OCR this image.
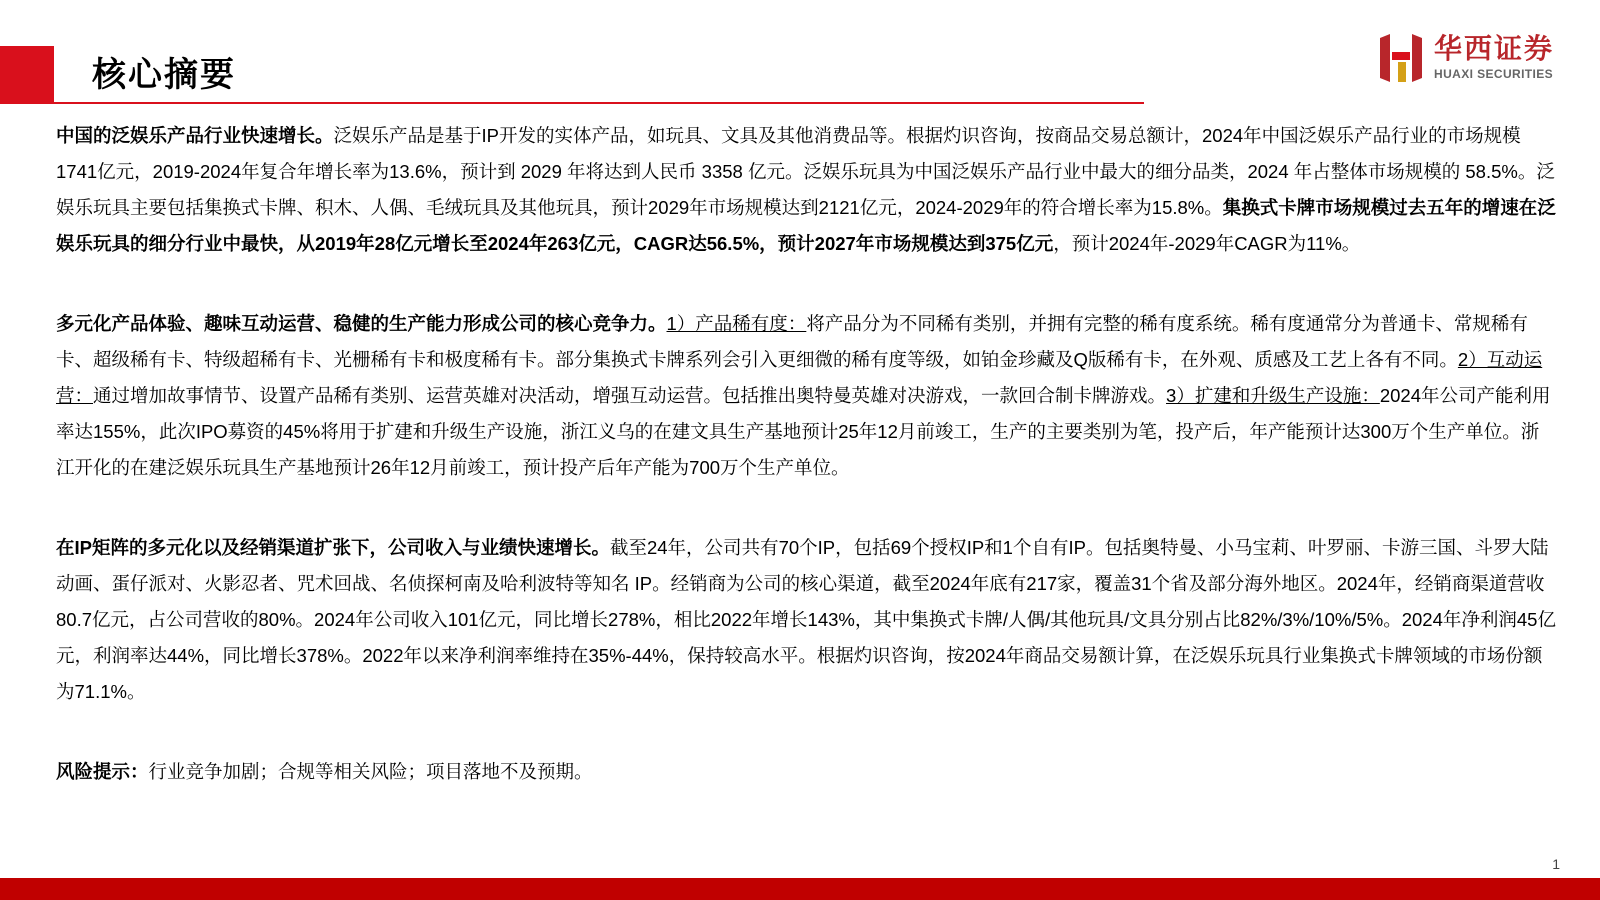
核心摘要
华西证券
HUAXI SECURITIES

中国的泛娱乐产品行业快速增长。泛娱乐产品是基于IP开发的实体产品，如玩具、文具及其他消费品等。根据灼识咨询，按商品交易总额计，2024年中国泛娱乐产品行业的市场规模1741亿元，2019-2024年复合年增长率为13.6%，预计到 2029 年将达到人民币 3358 亿元。泛娱乐玩具为中国泛娱乐产品行业中最大的细分品类，2024 年占整体市场规模的 58.5%。泛娱乐玩具主要包括集换式卡牌、积木、人偶、毛绒玩具及其他玩具，预计2029年市场规模达到2121亿元，2024-2029年的符合增长率为15.8%。集换式卡牌市场规模过去五年的增速在泛娱乐玩具的细分行业中最快，从2019年28亿元增长至2024年263亿元，CAGR达56.5%，预计2027年市场规模达到375亿元，预计2024年-2029年CAGR为11%。

多元化产品体验、趣味互动运营、稳健的生产能力形成公司的核心竞争力。1）产品稀有度：将产品分为不同稀有类别，并拥有完整的稀有度系统。稀有度通常分为普通卡、常规稀有卡、超级稀有卡、特级超稀有卡、光栅稀有卡和极度稀有卡。部分集换式卡牌系列会引入更细微的稀有度等级，如铂金珍藏及Q版稀有卡，在外观、质感及工艺上各有不同。2）互动运营：通过增加故事情节、设置产品稀有类别、运营英雄对决活动，增强互动运营。包括推出奥特曼英雄对决游戏，一款回合制卡牌游戏。3）扩建和升级生产设施：2024年公司产能利用率达155%，此次IPO募资的45%将用于扩建和升级生产设施，浙江义乌的在建文具生产基地预计25年12月前竣工，生产的主要类别为笔，投产后，年产能预计达300万个生产单位。浙江开化的在建泛娱乐玩具生产基地预计26年12月前竣工，预计投产后年产能为700万个生产单位。

在IP矩阵的多元化以及经销渠道扩张下，公司收入与业绩快速增长。截至24年，公司共有70个IP，包括69个授权IP和1个自有IP。包括奥特曼、小马宝莉、叶罗丽、卡游三国、斗罗大陆动画、蛋仔派对、火影忍者、咒术回战、名侦探柯南及哈利波特等知名 IP。经销商为公司的核心渠道，截至2024年底有217家，覆盖31个省及部分海外地区。2024年，经销商渠道营收80.7亿元，占公司营收的80%。2024年公司收入101亿元，同比增长278%，相比2022年增长143%，其中集换式卡牌/人偶/其他玩具/文具分别占比82%/3%/10%/5%。2024年净利润45亿元，利润率达44%，同比增长378%。2022年以来净利润率维持在35%-44%，保持较高水平。根据灼识咨询，按2024年商品交易额计算，在泛娱乐玩具行业集换式卡牌领域的市场份额为71.1%。

风险提示：行业竞争加剧；合规等相关风险；项目落地不及预期。

1
